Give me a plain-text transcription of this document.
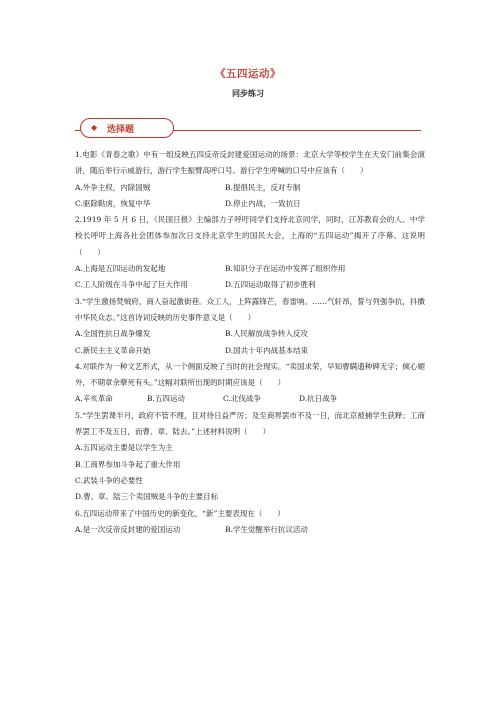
《五四运动》
同步练习
◆ 选择题

1.电影《青春之歌》中有一组反映五四反帝反封建爱国运动的场景：北京大学等校学生在天安门前集会演讲，随后举行示威游行，游行学生振臂高呼口号。游行学生呼喊的口号中应该有（　　）

A.外争主权，内除国贼	B.提倡民主，反对专制
C.驱除鞑虏，恢复中华	D.停止内战，一致抗日

2.1919 年 5 月 6 日，《民国日报》主编部力子呼吁同学们支持北京同学，同时，江苏教育会的人、中学校长呼吁上海各社会团体参加次日支持北京学生的国民大会，上海的“五四运动”揭开了序幕。这说明（　　）

A.上海是五四运动的发起地	B.知识分子在运动中发挥了组织作用
C.工人阶级在斗争中起了巨大作用	D.五四运动取得了初步胜利

3.“学生激扬焚贼府，商人奋起激街巷。众工人，上阵露锋芒，春雷响。……气轩昂，誓与列强争抗，抖擞中华民众志。”这首诗词反映的历史事件意义是（　　）

A.全国性抗日战争爆发	B.人民解放战争转入反攻
C.新民主主义革命开始	D.国共十年内战基本结束

4.对联作为一种文艺形式，从一个侧面反映了当时的社会现实。“卖国求荣，早知曹瞒遗种碑无字；倾心媚外，不期章余孽死有头。”这幅对联所出现的时期应该是（　　）

A.辛亥革命	B.五四运动	C.北伐战争	D.抗日战争

5.“学生罢课半月，政府不管不理，且对待日益严厉；及至商界罢市不及一日，而北京被捕学生获释；工商界罢工不及五日，而曹、章、陆去。”上述材料说明（　　）

A.五四运动主要是以学生为主
B.工商界参加斗争起了重大作用
C.武装斗争的必要性
D.曹、章、陆三个卖国贼是斗争的主要目标

6.五四运动带来了中国历史的新变化，“新”主要表现在（　　）

A.是一次反帝反封建的爱国运动	B.学生觉醒举行抗议活动
